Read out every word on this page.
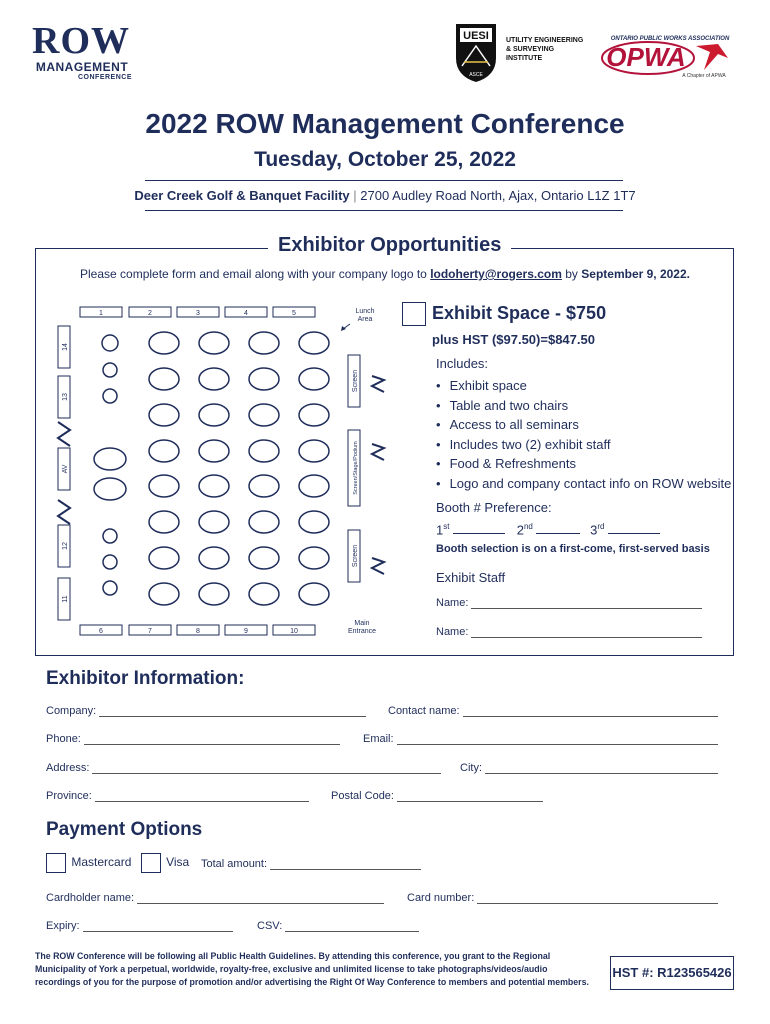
ROW
MANAGEMENT
CONFERENCE
UESI
ASCE
UTILITY ENGINEERING
& SURVEYING
INSTITUTE
ONTARIO PUBLIC WORKS ASSOCIATION
OPWA
A Chapter of APWA
2022 ROW Management Conference
Tuesday, October 25, 2022
Deer Creek Golf & Banquet Facility | 2700 Audley Road North, Ajax, Ontario L1Z 1T7
Exhibitor Opportunities
Please complete form and email along with your company logo to lodoherty@rogers.com by September 9, 2022.
1	2	3	4	5
6	7	8	9	10
14
13
AV
12
11
Screen
Screen/Stage/Podium
Screen
Lunch Area
Main Entrance
Exhibit Space - $750
plus HST ($97.50)=$847.50
Includes:
• Exhibit space
• Table and two chairs
• Access to all seminars
• Includes two (2) exhibit staff
• Food & Refreshments
• Logo and company contact info on ROW website
Booth # Preference:
1st	2nd	3rd
Booth selection is on a first-come, first-served basis
Exhibit Staff
Name:
Name:
Exhibitor Information:
Company:	Contact name:
Phone:	Email:
Address:	City:
Province:	Postal Code:
Payment Options
Mastercard	Visa Total amount:
Cardholder name:	Card number:
Expiry:	CSV:
The ROW Conference will be following all Public Health Guidelines. By attending this conference, you grant to the Regional Municipality of York a perpetual, worldwide, royalty-free, exclusive and unlimited license to take photographs/videos/audio recordings of you for the purpose of promotion and/or advertising the Right Of Way Conference to members and potential members.
HST #: R123565426
